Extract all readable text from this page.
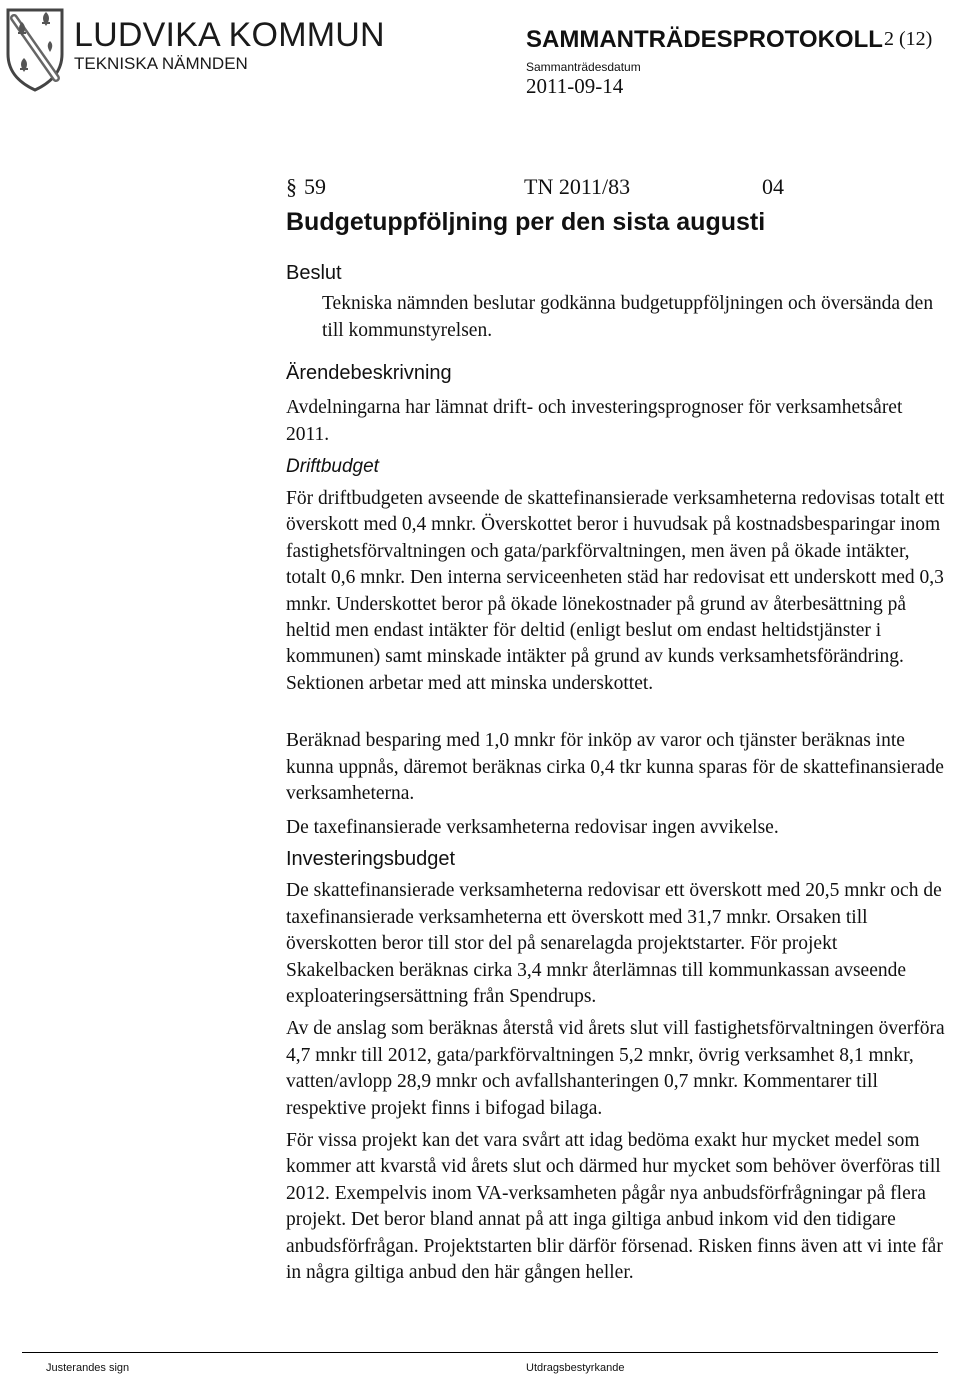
LUDVIKA KOMMUN
TEKNISKA NÄMNDEN
SAMMANTRÄDESPROTOKOLL 2 (12)
Sammanträdesdatum
2011-09-14
§ 59	TN 2011/83	04
Budgetuppföljning per den sista augusti
Beslut

Tekniska nämnden beslutar godkänna budgetuppföljningen och översända den till kommunstyrelsen.

Ärendebeskrivning

Avdelningarna har lämnat drift- och investeringsprognoser för verksamhetsåret 2011.

Driftbudget

För driftbudgeten avseende de skattefinansierade verksamheterna redovisas totalt ett överskott med 0,4 mnkr. Överskottet beror i huvudsak på kostnadsbesparingar inom fastighetsförvaltningen och gata/parkförvaltningen, men även på ökade intäkter, totalt 0,6 mnkr. Den interna serviceenheten städ har redovisat ett underskott med 0,3 mnkr. Underskottet beror på ökade lönekostnader på grund av återbesättning på heltid men endast intäkter för deltid (enligt beslut om endast heltidstjänster i kommunen) samt minskade intäkter på grund av kunds verksamhetsförändring. Sektionen arbetar med att minska underskottet.

Beräknad besparing med 1,0 mnkr för inköp av varor och tjänster beräknas inte kunna uppnås, däremot beräknas cirka 0,4 tkr kunna sparas för de skattefinansierade verksamheterna.

De taxefinansierade verksamheterna redovisar ingen avvikelse.

Investeringsbudget

De skattefinansierade verksamheterna redovisar ett överskott med 20,5 mnkr och de taxefinansierade verksamheterna ett överskott med 31,7 mnkr. Orsaken till överskotten beror till stor del på senarelagda projektstarter. För projekt Skakelbacken beräknas cirka 3,4 mnkr återlämnas till kommunkassan avseende exploateringsersättning från Spendrups.

Av de anslag som beräknas återstå vid årets slut vill fastighetsförvaltningen överföra 4,7 mnkr till 2012, gata/parkförvaltningen 5,2 mnkr, övrig verksamhet 8,1 mnkr, vatten/avlopp 28,9 mnkr och avfallshanteringen 0,7 mnkr. Kommentarer till respektive projekt finns i bifogad bilaga.

För vissa projekt kan det vara svårt att idag bedöma exakt hur mycket medel som kommer att kvarstå vid årets slut och därmed hur mycket som behöver överföras till 2012. Exempelvis inom VA-verksamheten pågår nya anbudsförfrågningar på flera projekt. Det beror bland annat på att inga giltiga anbud inkom vid den tidigare anbudsförfrågan. Projektstarten blir därför försenad. Risken finns även att vi inte får in några giltiga anbud den här gången heller.

Justerandes sign	Utdragsbestyrkande
